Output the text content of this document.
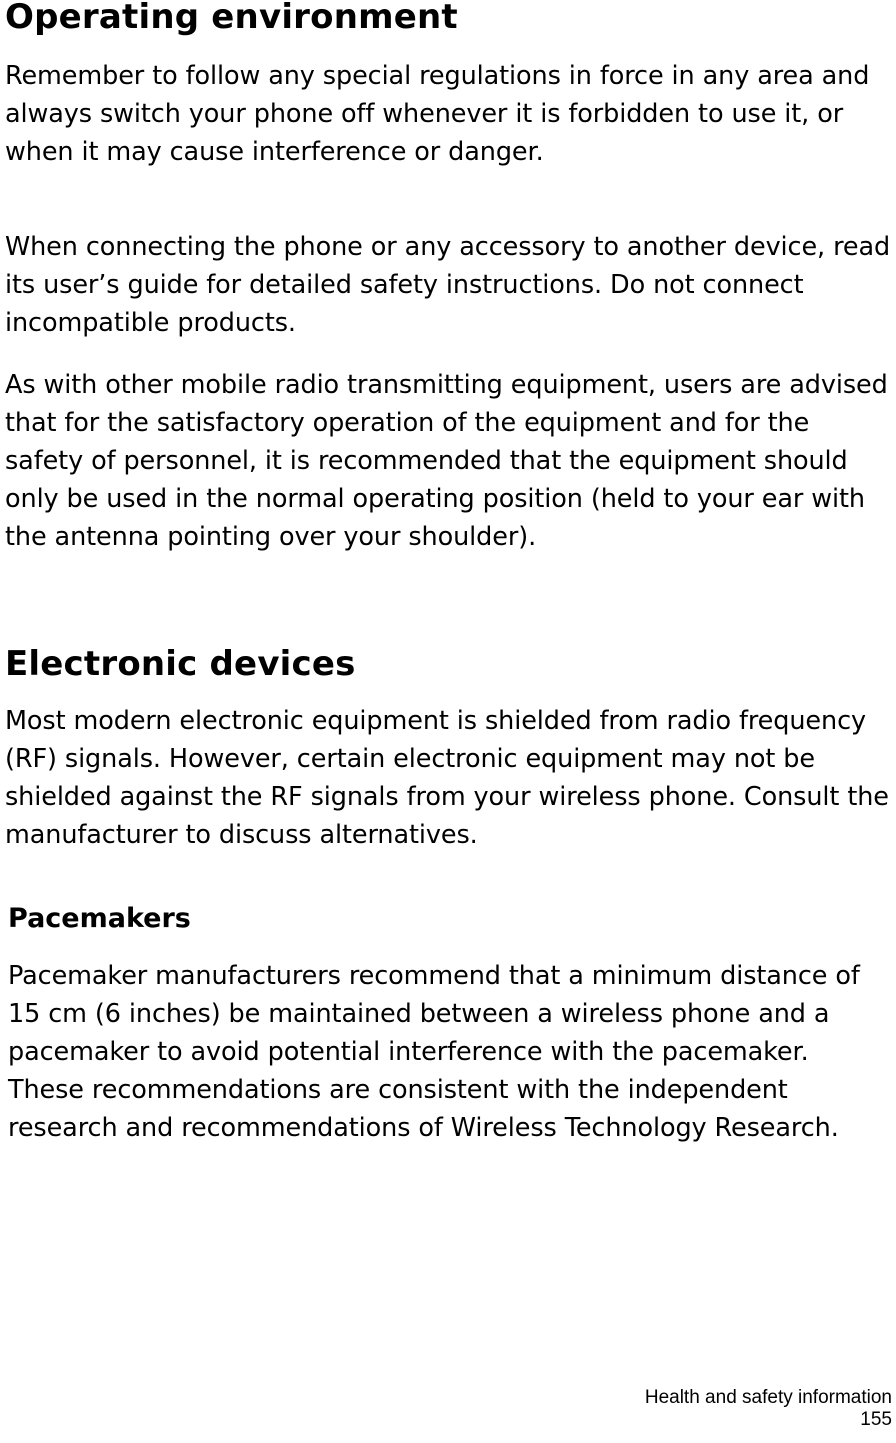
Operating environment

Remember to follow any special regulations in force in any area and always switch your phone off whenever it is forbidden to use it, or when it may cause interference or danger.

When connecting the phone or any accessory to another device, read its user’s guide for detailed safety instructions. Do not connect incompatible products.

As with other mobile radio transmitting equipment, users are advised that for the satisfactory operation of the equipment and for the safety of personnel, it is recommended that the equipment should only be used in the normal operating position (held to your ear with the antenna pointing over your shoulder).

Electronic devices

Most modern electronic equipment is shielded from radio frequency (RF) signals. However, certain electronic equipment may not be shielded against the RF signals from your wireless phone. Consult the manufacturer to discuss alternatives.

Pacemakers

Pacemaker manufacturers recommend that a minimum distance of 15 cm (6 inches) be maintained between a wireless phone and a pacemaker to avoid potential interference with the pacemaker. These recommendations are consistent with the independent research and recommendations of Wireless Technology Research.

Health and safety information
155
